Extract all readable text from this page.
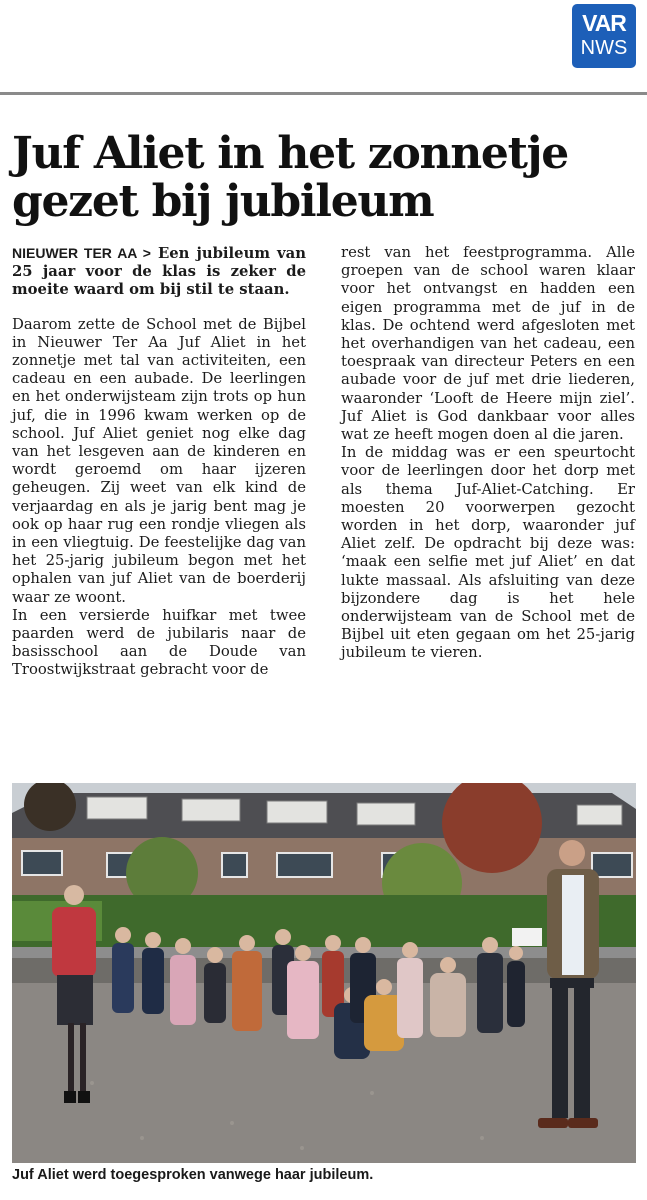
VAR
NWS
Juf Aliet in het zonnetje gezet bij jubileum

NIEUWER TER AA > Een jubileum van 25 jaar voor de klas is zeker de moeite waard om bij stil te staan.

Daarom zette de School met de Bijbel in Nieuwer Ter Aa Juf Aliet in het zonnetje met tal van activiteiten, een cadeau en een aubade. De leerlingen en het onderwijsteam zijn trots op hun juf, die in 1996 kwam werken op de school. Juf Aliet geniet nog elke dag van het lesgeven aan de kinderen en wordt geroemd om haar ijzeren geheugen. Zij weet van elk kind de verjaardag en als je jarig bent mag je ook op haar rug een rondje vliegen als in een vliegtuig. De feestelijke dag van het 25-jarig jubileum begon met het ophalen van juf Aliet van de boerderij waar ze woont.

In een versierde huifkar met twee paarden werd de jubilaris naar de basisschool aan de Doude van Troostwijkstraat gebracht voor de

rest van het feestprogramma. Alle groepen van de school waren klaar voor het ontvangst en hadden een eigen programma met de juf in de klas. De ochtend werd afgesloten met het overhandigen van het cadeau, een toespraak van directeur Peters en een aubade voor de juf met drie liederen, waaronder ‘Looft de Heere mijn ziel’. Juf Aliet is God dankbaar voor alles wat ze heeft mogen doen al die jaren.

In de middag was er een speurtocht voor de leerlingen door het dorp met als thema Juf-Aliet-Catching. Er moesten 20 voorwerpen gezocht worden in het dorp, waaronder juf Aliet zelf. De opdracht bij deze was: ‘maak een selfie met juf Aliet’ en dat lukte massaal. Als afsluiting van deze bijzondere dag is het hele onderwijsteam van de School met de Bijbel uit eten gegaan om het 25-jarig jubileum te vieren.

Juf Aliet werd toegesproken vanwege haar jubileum.
